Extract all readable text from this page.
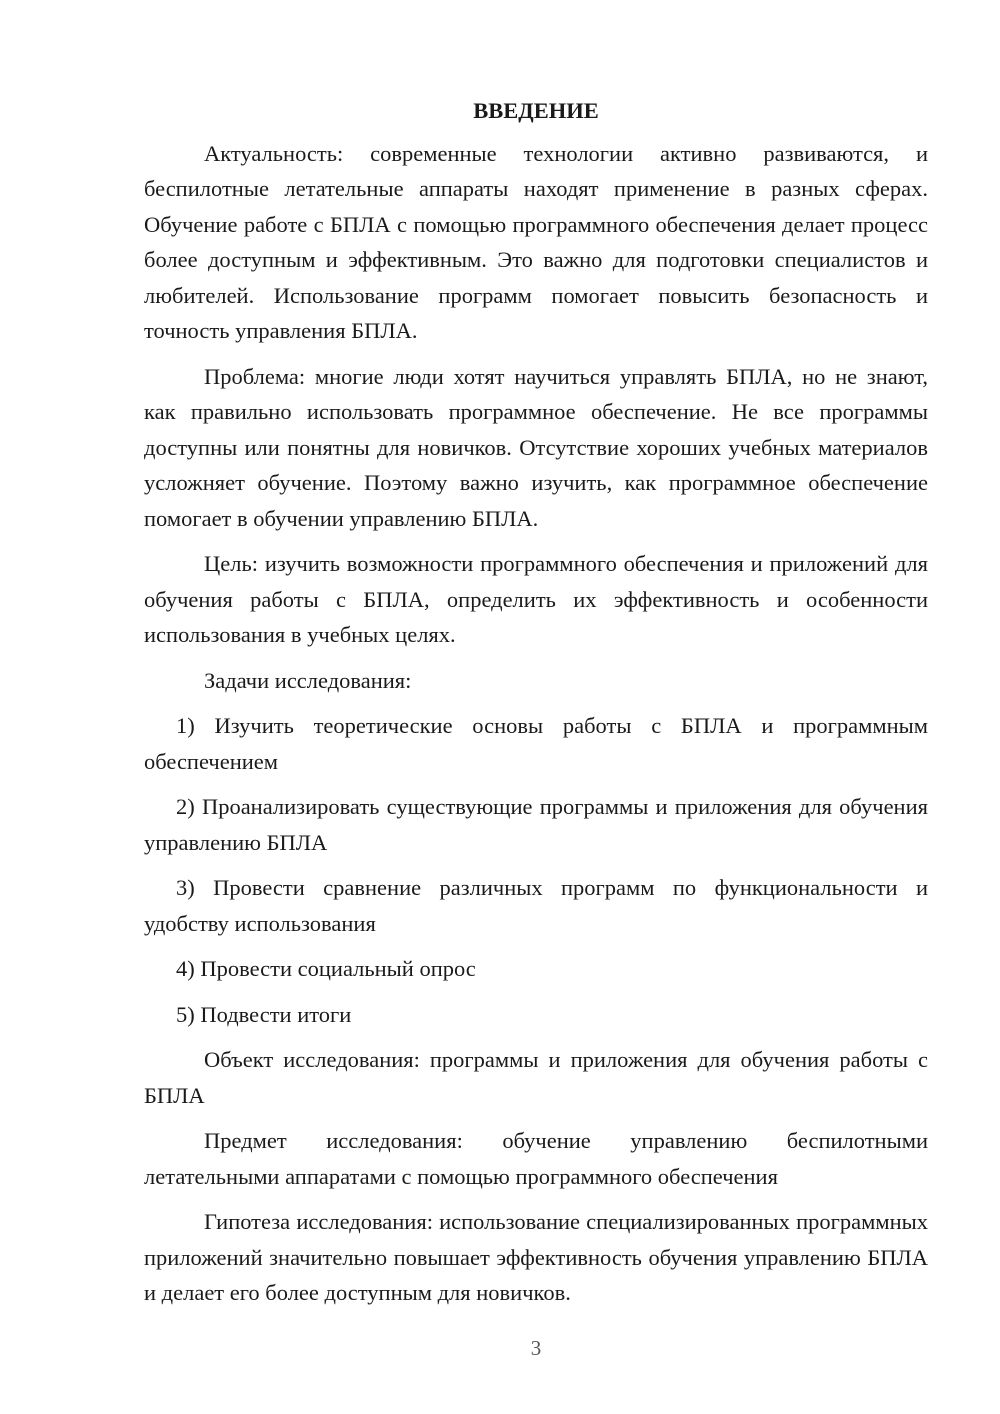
ВВЕДЕНИЕ

Актуальность: современные технологии активно развиваются, и беспилотные летательные аппараты находят применение в разных сферах. Обучение работе с БПЛА с помощью программного обеспечения делает процесс более доступным и эффективным. Это важно для подготовки специалистов и любителей. Использование программ помогает повысить безопасность и точность управления БПЛА.

Проблема: многие люди хотят научиться управлять БПЛА, но не знают, как правильно использовать программное обеспечение. Не все программы доступны или понятны для новичков. Отсутствие хороших учебных материалов усложняет обучение. Поэтому важно изучить, как программное обеспечение помогает в обучении управлению БПЛА.

Цель: изучить возможности программного обеспечения и приложений для обучения работы с БПЛА, определить их эффективность и особенности использования в учебных целях.

Задачи исследования:

1) Изучить теоретические основы работы с БПЛА и программным обеспечением

2) Проанализировать существующие программы и приложения для обучения управлению БПЛА

3) Провести сравнение различных программ по функциональности и удобству использования

4) Провести социальный опрос

5) Подвести итоги

Объект исследования: программы и приложения для обучения работы с БПЛА

Предмет исследования: обучение управлению беспилотными летательными аппаратами с помощью программного обеспечения

Гипотеза исследования: использование специализированных программных приложений значительно повышает эффективность обучения управлению БПЛА и делает его более доступным для новичков.

3
